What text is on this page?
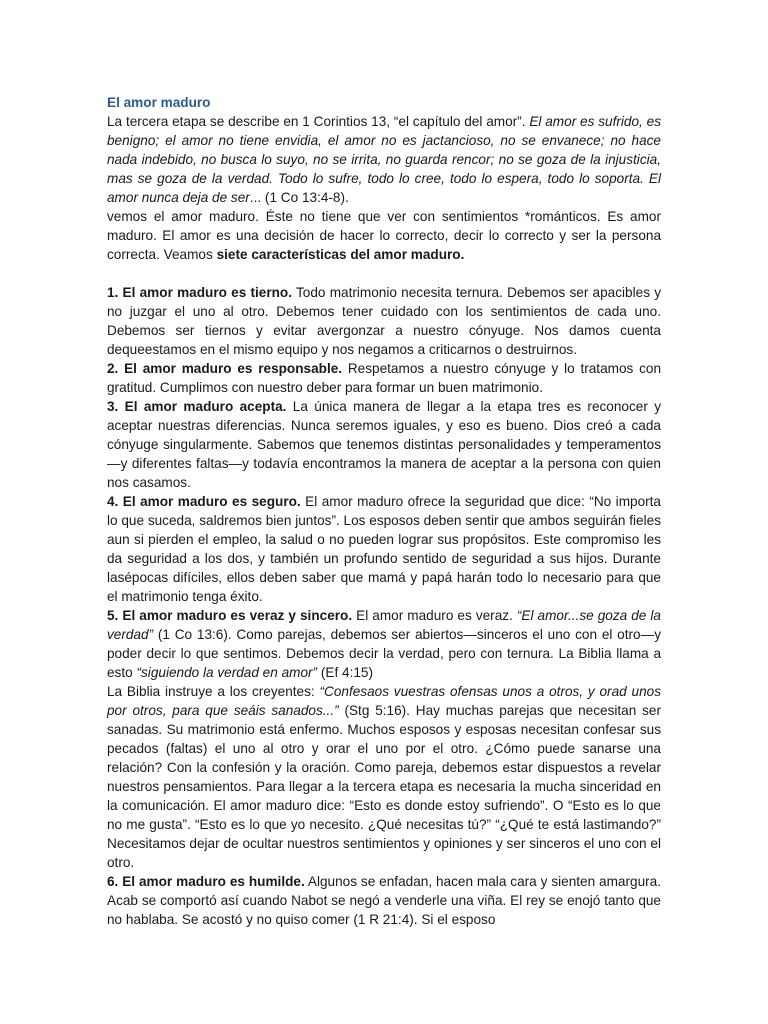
El amor maduro

La tercera etapa se describe en 1 Corintios 13, “el capítulo del amor”. El amor es sufrido, es benigno; el amor no tiene envidia, el amor no es jactancioso, no se envanece; no hace nada indebido, no busca lo suyo, no se irrita, no guarda rencor; no se goza de la injusticia, mas se goza de la verdad. Todo lo sufre, todo lo cree, todo lo espera, todo lo soporta. El amor nunca deja de ser... (1 Co 13:4-8).

vemos el amor maduro. Éste no tiene que ver con sentimientos *románticos. Es amor maduro. El amor es una decisión de hacer lo correcto, decir lo correcto y ser la persona correcta. Veamos siete características del amor maduro.

1. El amor maduro es tierno. Todo matrimonio necesita ternura. Debemos ser apacibles y no juzgar el uno al otro. Debemos tener cuidado con los sentimientos de cada uno. Debemos ser tiernos y evitar avergonzar a nuestro cónyuge. Nos damos cuenta dequeestamos en el mismo equipo y nos negamos a criticarnos o destruirnos.

2. El amor maduro es responsable. Respetamos a nuestro cónyuge y lo tratamos con gratitud. Cumplimos con nuestro deber para formar un buen matrimonio.

3. El amor maduro acepta. La única manera de llegar a la etapa tres es reconocer y aceptar nuestras diferencias. Nunca seremos iguales, y eso es bueno. Dios creó a cada cónyuge singularmente. Sabemos que tenemos distintas personalidades y temperamentos —y diferentes faltas—y todavía encontramos la manera de aceptar a la persona con quien nos casamos.

4. El amor maduro es seguro. El amor maduro ofrece la seguridad que dice: “No importa lo que suceda, saldremos bien juntos”. Los esposos deben sentir que ambos seguirán fieles aun si pierden el empleo, la salud o no pueden lograr sus propósitos. Este compromiso les da seguridad a los dos, y también un profundo sentido de seguridad a sus hijos. Durante lasépocas difíciles, ellos deben saber que mamá y papá harán todo lo necesario para que el matrimonio tenga éxito.

5. El amor maduro es veraz y sincero. El amor maduro es veraz. “El amor...se goza de la verdad” (1 Co 13:6). Como parejas, debemos ser abiertos—sinceros el uno con el otro—y poder decir lo que sentimos. Debemos decir la verdad, pero con ternura. La Biblia llama a esto “siguiendo la verdad en amor” (Ef 4:15)

La Biblia instruye a los creyentes: “Confesaos vuestras ofensas unos a otros, y orad unos por otros, para que seáis sanados...” (Stg 5:16). Hay muchas parejas que necesitan ser sanadas. Su matrimonio está enfermo. Muchos esposos y esposas necesitan confesar sus pecados (faltas) el uno al otro y orar el uno por el otro. ¿Cómo puede sanarse una relación? Con la confesión y la oración. Como pareja, debemos estar dispuestos a revelar nuestros pensamientos. Para llegar a la tercera etapa es necesaria la mucha sinceridad en la comunicación. El amor maduro dice: “Esto es donde estoy sufriendo”. O “Esto es lo que no me gusta”. “Esto es lo que yo necesito. ¿Qué necesitas tú?” “¿Qué te está lastimando?” Necesitamos dejar de ocultar nuestros sentimientos y opiniones y ser sinceros el uno con el otro.

6. El amor maduro es humilde. Algunos se enfadan, hacen mala cara y sienten amargura. Acab se comportó así cuando Nabot se negó a venderle una viña. El rey se enojó tanto que no hablaba. Se acostó y no quiso comer (1 R 21:4). Si el esposo
